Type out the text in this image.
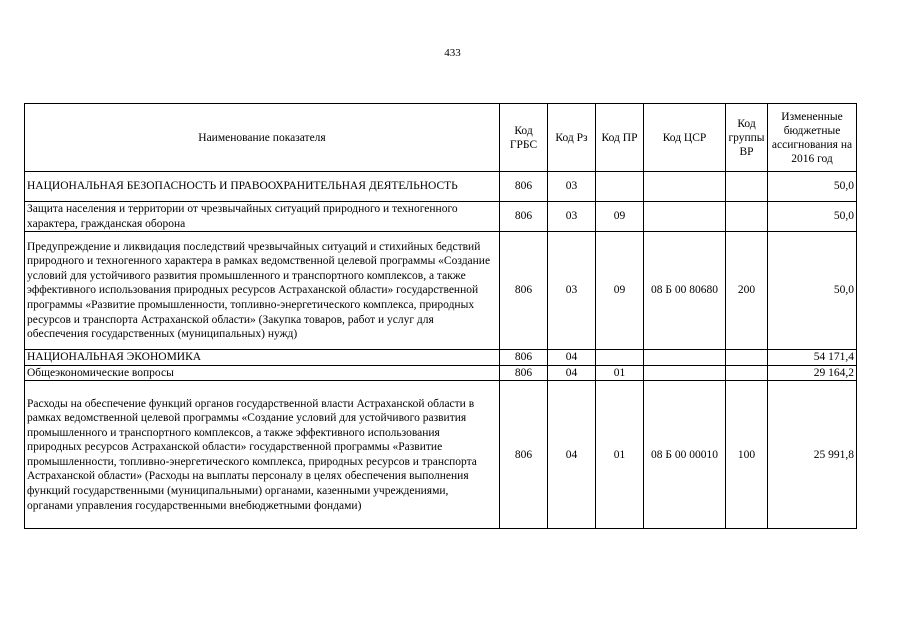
433
Наименование показателя	Код ГРБС	Код Рз	Код ПР	Код ЦСР	Код группы ВР	Измененные бюджетные ассигнования на 2016 год
НАЦИОНАЛЬНАЯ БЕЗОПАСНОСТЬ И ПРАВООХРАНИТЕЛЬНАЯ ДЕЯТЕЛЬНОСТЬ	806	03				50,0
Защита населения и территории от чрезвычайных ситуаций природного и техногенного характера, гражданская оборона	806	03	09			50,0
Предупреждение и ликвидация последствий чрезвычайных ситуаций и стихийных бедствий природного и техногенного характера в рамках ведомственной целевой программы «Создание условий для устойчивого развития промышленного и транспортного комплексов, а также эффективного использования природных ресурсов Астраханской области» государственной программы «Развитие промышленности, топливно-энергетического комплекса, природных ресурсов и транспорта Астраханской области» (Закупка товаров, работ и услуг для обеспечения государственных (муниципальных) нужд)	806	03	09	08 Б 00 80680	200	50,0
НАЦИОНАЛЬНАЯ ЭКОНОМИКА	806	04				54 171,4
Общеэкономические вопросы	806	04	01			29 164,2
Расходы на обеспечение функций органов государственной власти Астраханской области в рамках ведомственной целевой программы «Создание условий для устойчивого развития промышленного и транспортного комплексов, а также эффективного использования природных ресурсов Астраханской области» государственной программы «Развитие промышленности, топливно-энергетического комплекса, природных ресурсов и транспорта Астраханской области» (Расходы на выплаты персоналу в целях обеспечения выполнения функций государственными (муниципальными) органами, казенными учреждениями, органами управления государственными внебюджетными фондами)	806	04	01	08 Б 00 00010	100	25 991,8
